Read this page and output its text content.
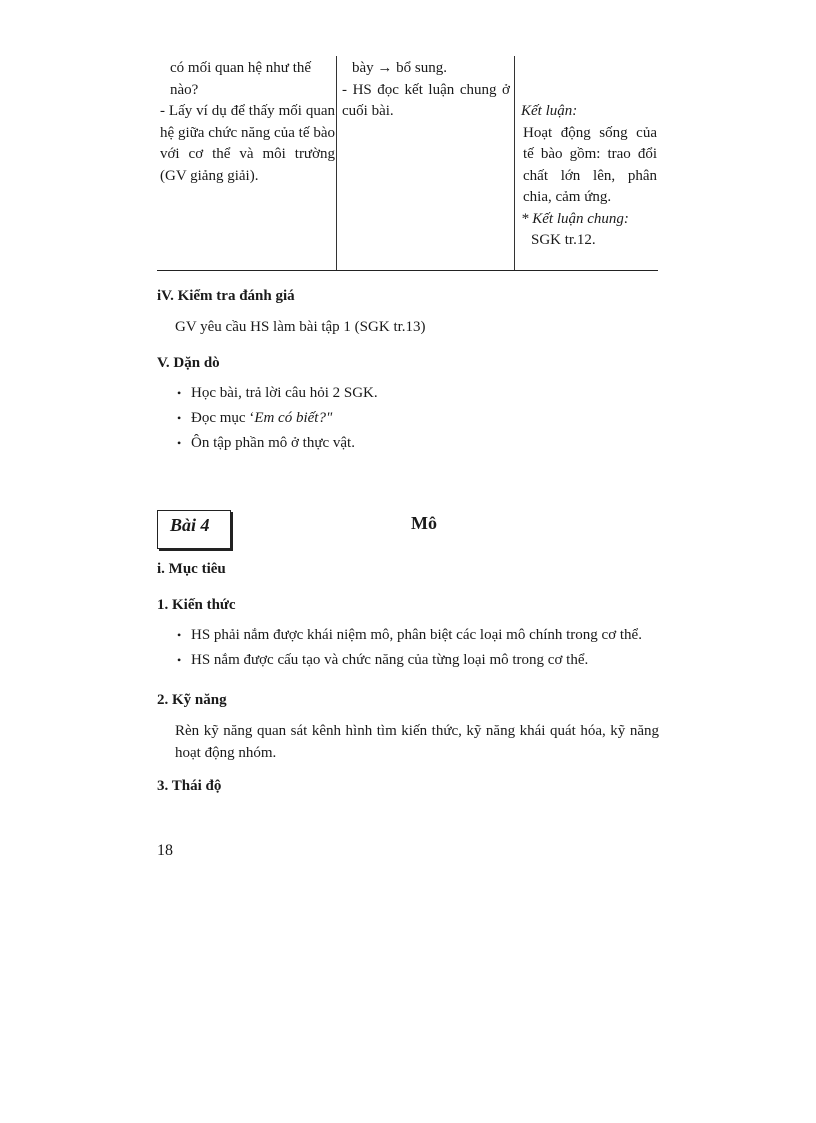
có mối quan hệ như thế nào?
- Lấy ví dụ để thấy mối quan hệ giữa chức năng của tế bào với cơ thể và môi trường (GV giảng giải).
bày → bổ sung.
- HS đọc kết luận chung ở cuối bài.	Kết luận:
Hoạt động sống của tế bào gồm: trao đổi chất lớn lên, phân chia, cảm ứng.
* Kết luận chung:
SGK tr.12.
iV. Kiểm tra đánh giá
GV yêu cầu HS làm bài tập 1 (SGK tr.13)
V. Dặn dò
• Học bài, trả lời câu hỏi 2 SGK.
• Đọc mục ‘Em có biết?"
• Ôn tập phần mô ở thực vật.
Bài 4	Mô
i. Mục tiêu
1. Kiến thức
• HS phải nắm được khái niệm mô, phân biệt các loại mô chính trong cơ thể.
• HS nắm được cấu tạo và chức năng của từng loại mô trong cơ thể.
2. Kỹ năng
Rèn kỹ năng quan sát kênh hình tìm kiến thức, kỹ năng khái quát hóa, kỹ năng hoạt động nhóm.
3. Thái độ
18
